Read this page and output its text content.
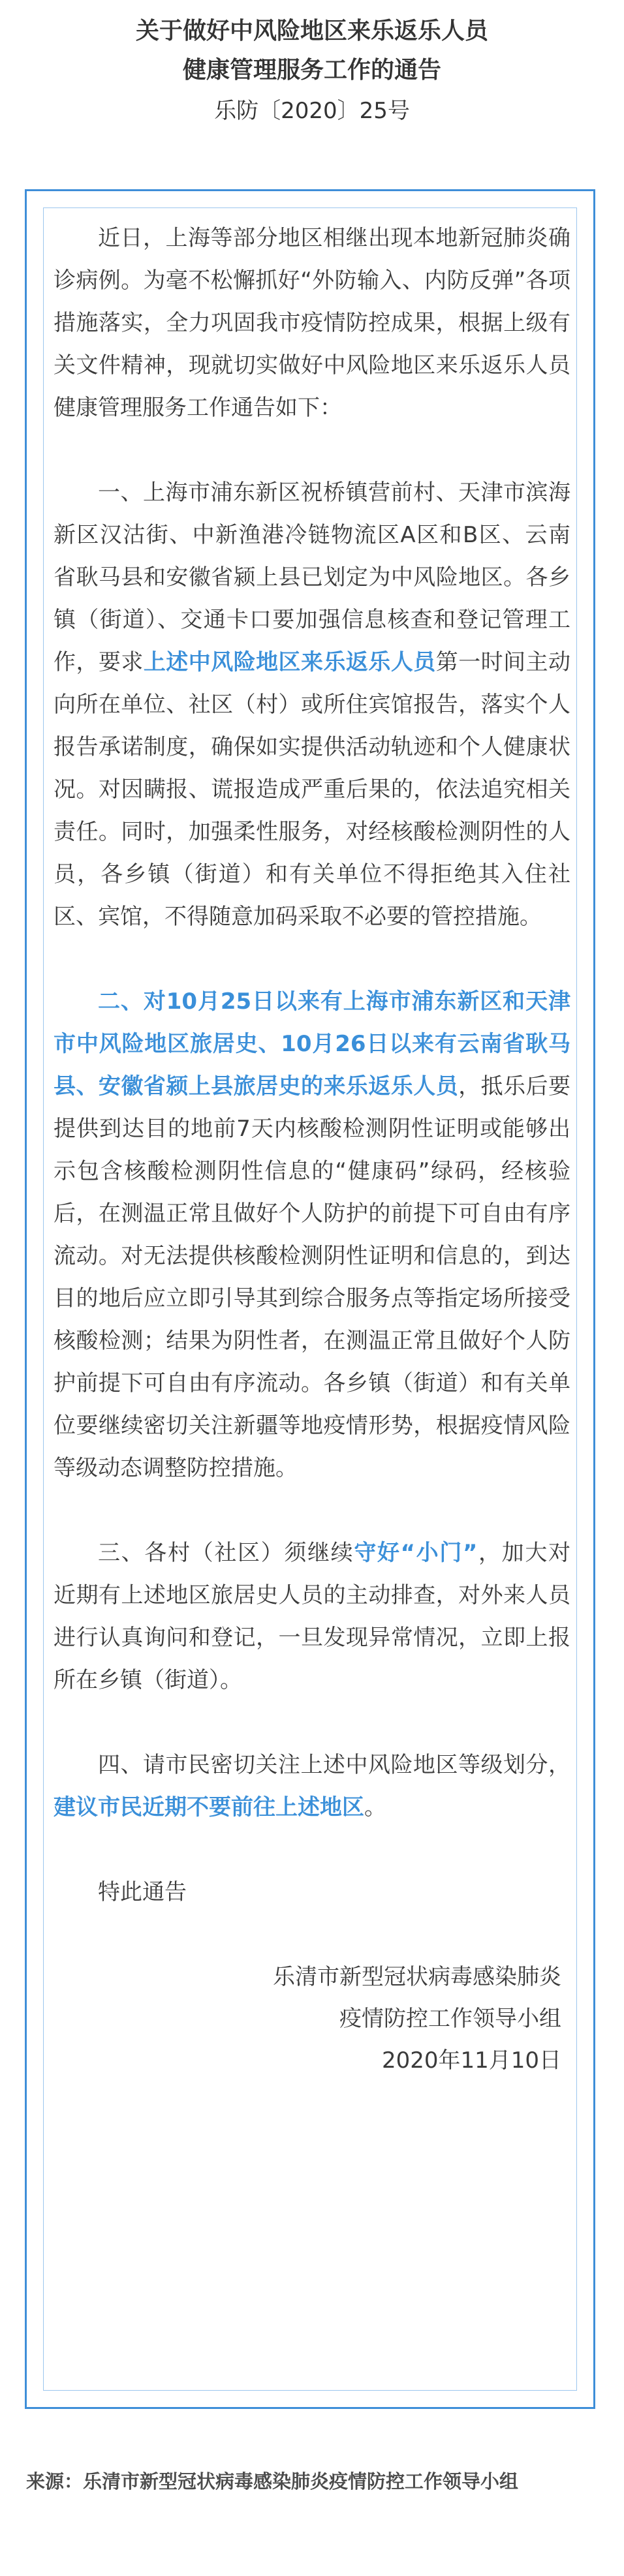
关于做好中风险地区来乐返乐人员
健康管理服务工作的通告
乐防〔2020〕25号

近日，上海等部分地区相继出现本地新冠肺炎确诊病例。为毫不松懈抓好“外防输入、内防反弹”各项措施落实，全力巩固我市疫情防控成果，根据上级有关文件精神，现就切实做好中风险地区来乐返乐人员健康管理服务工作通告如下：

一、上海市浦东新区祝桥镇营前村、天津市滨海新区汉沽街、中新渔港冷链物流区A区和B区、云南省耿马县和安徽省颍上县已划定为中风险地区。各乡镇（街道）、交通卡口要加强信息核查和登记管理工作，要求上述中风险地区来乐返乐人员第一时间主动向所在单位、社区（村）或所住宾馆报告，落实个人报告承诺制度，确保如实提供活动轨迹和个人健康状况。对因瞒报、谎报造成严重后果的，依法追究相关责任。同时，加强柔性服务，对经核酸检测阴性的人员，各乡镇（街道）和有关单位不得拒绝其入住社区、宾馆，不得随意加码采取不必要的管控措施。

二、对10月25日以来有上海市浦东新区和天津市中风险地区旅居史、10月26日以来有云南省耿马县、安徽省颍上县旅居史的来乐返乐人员，抵乐后要提供到达目的地前7天内核酸检测阴性证明或能够出示包含核酸检测阴性信息的“健康码”绿码，经核验后，在测温正常且做好个人防护的前提下可自由有序流动。对无法提供核酸检测阴性证明和信息的，到达目的地后应立即引导其到综合服务点等指定场所接受核酸检测；结果为阴性者，在测温正常且做好个人防护前提下可自由有序流动。各乡镇（街道）和有关单位要继续密切关注新疆等地疫情形势，根据疫情风险等级动态调整防控措施。

三、各村（社区）须继续守好“小门”，加大对近期有上述地区旅居史人员的主动排查，对外来人员进行认真询问和登记，一旦发现异常情况，立即上报所在乡镇（街道）。

四、请市民密切关注上述中风险地区等级划分，建议市民近期不要前往上述地区。

特此通告

乐清市新型冠状病毒感染肺炎
疫情防控工作领导小组
2020年11月10日
来源：乐清市新型冠状病毒感染肺炎疫情防控工作领导小组
